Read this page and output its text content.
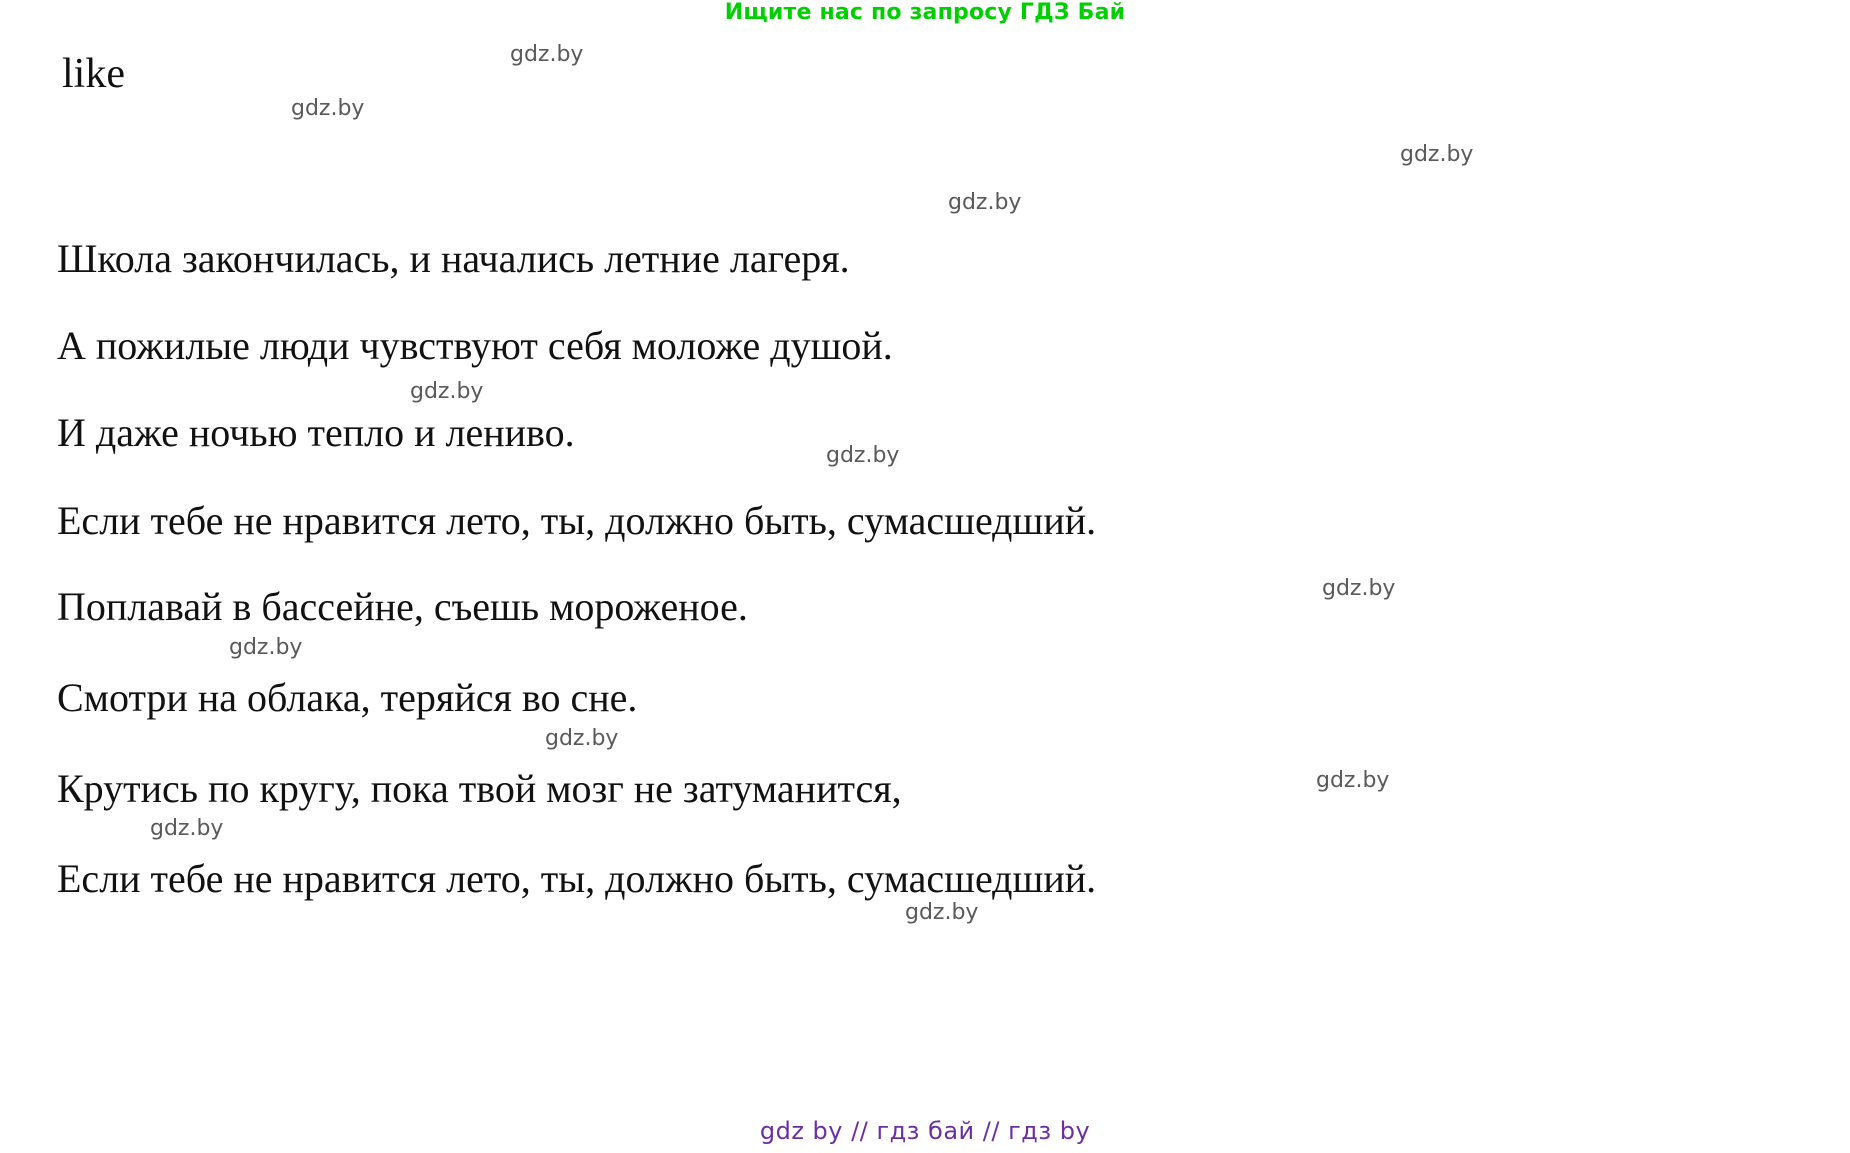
Ищите нас по запросу ГДЗ Бай
like
Школа закончилась, и начались летние лагеря.
А пожилые люди чувствуют себя моложе душой.
И даже ночью тепло и лениво.
Если тебе не нравится лето, ты, должно быть, сумасшедший.
Поплавай в бассейне, съешь мороженое.
Смотри на облака, теряйся во сне.
Крутись по кругу, пока твой мозг не затуманится,
Если тебе не нравится лето, ты, должно быть, сумасшедший.
gdz.by
gdz.by
gdz.by
gdz.by
gdz.by
gdz.by
gdz.by
gdz.by
gdz.by
gdz.by
gdz.by
gdz.by
gdz by // гдз бай // гдз by
